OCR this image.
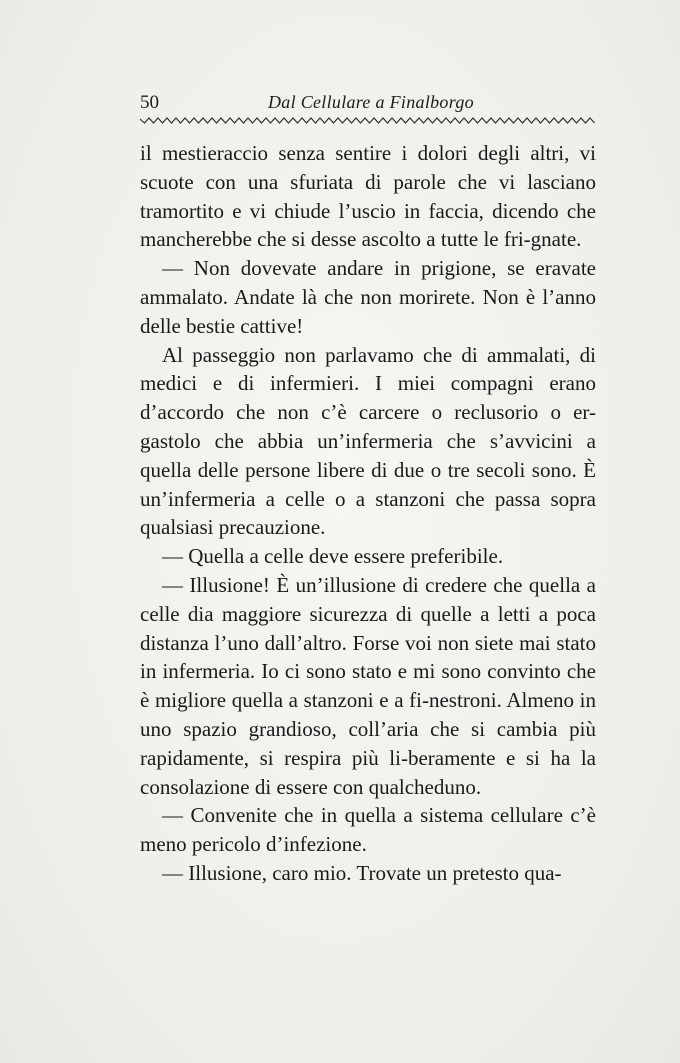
50	Dal Cellulare a Finalborgo

il mestieraccio senza sentire i dolori degli altri, vi scuote con una sfuriata di parole che vi lasciano tramortito e vi chiude l’uscio in faccia, dicendo che mancherebbe che si desse ascolto a tutte le fri-gnate.

— Non dovevate andare in prigione, se eravate ammalato. Andate là che non morirete. Non è l’anno delle bestie cattive!

Al passeggio non parlavamo che di ammalati, di medici e di infermieri. I miei compagni erano d’accordo che non c’è carcere o reclusorio o er-gastolo che abbia un’infermeria che s’avvicini a quella delle persone libere di due o tre secoli sono. È un’infermeria a celle o a stanzoni che passa sopra qualsiasi precauzione.

— Quella a celle deve essere preferibile.

— Illusione! È un’illusione di credere che quella a celle dia maggiore sicurezza di quelle a letti a poca distanza l’uno dall’altro. Forse voi non siete mai stato in infermeria. Io ci sono stato e mi sono convinto che è migliore quella a stanzoni e a fi-nestroni. Almeno in uno spazio grandioso, coll’aria che si cambia più rapidamente, si respira più li-beramente e si ha la consolazione di essere con qualcheduno.

— Convenite che in quella a sistema cellulare c’è meno pericolo d’infezione.

— Illusione, caro mio. Trovate un pretesto qua-
